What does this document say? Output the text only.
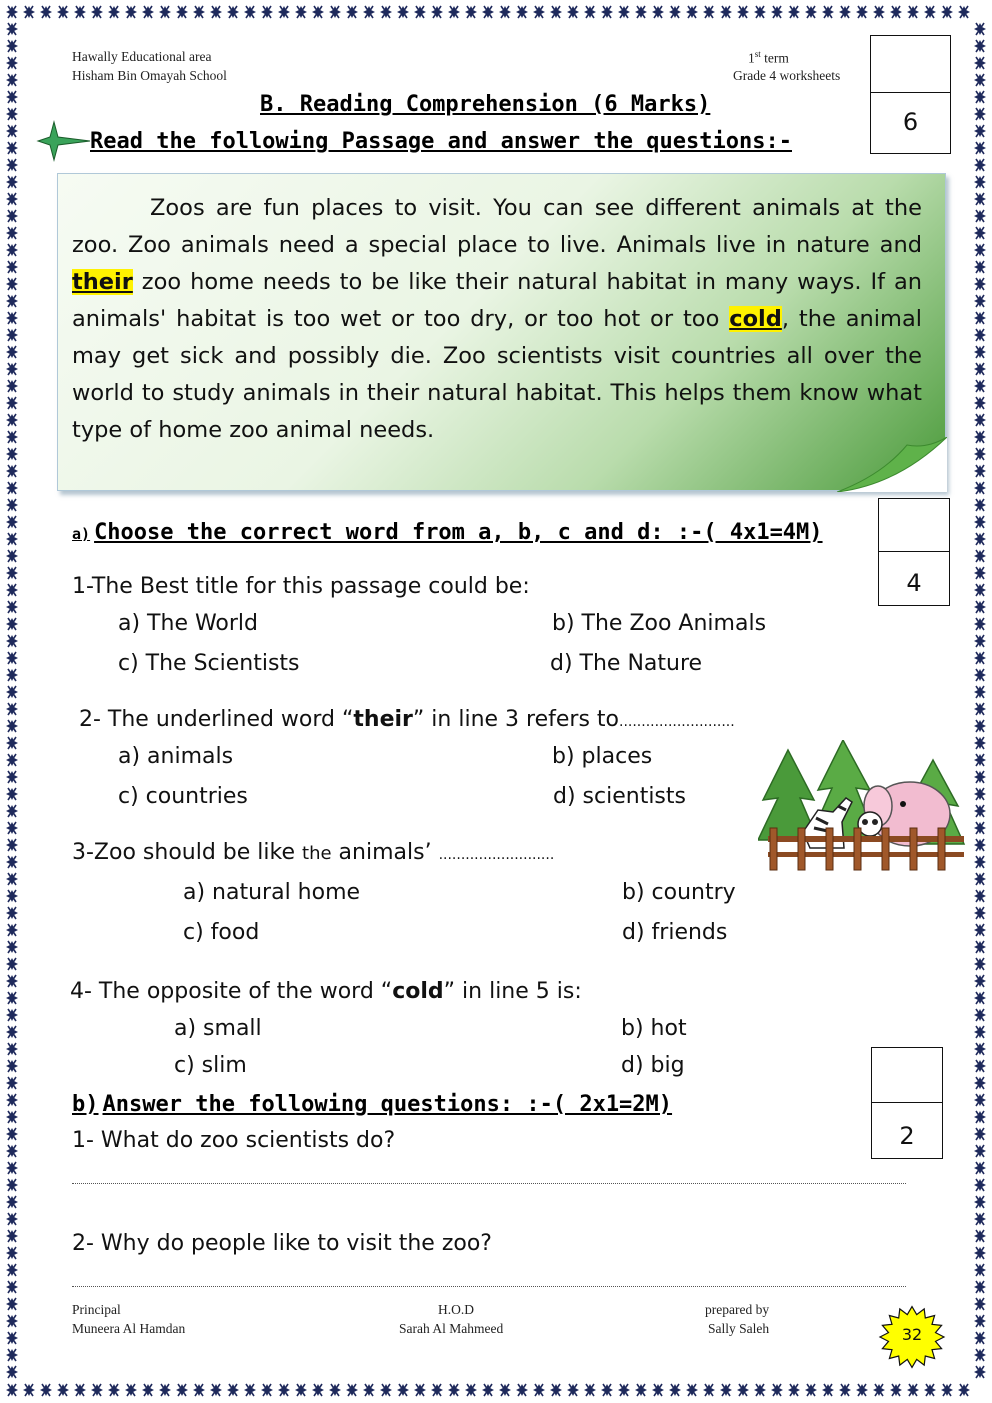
Hawally Educational area
Hisham Bin Omayah School
1st term
Grade 4 worksheets
6
B. Reading Comprehension (6 Marks)
Read the following Passage and answer the questions:-
Zoos are fun places to visit. You can see different animals at the zoo. Zoo animals need a special place to live. Animals live in nature and their zoo home needs to be like their natural habitat in many ways. If an animals' habitat is too wet or too dry, or too hot or too cold, the animal may get sick and possibly die. Zoo scientists visit countries all over the world to study animals in their natural habitat. This helps them know what type of home zoo animal needs.
a) Choose the correct word from a, b, c and d: :-( 4x1=4M)
4
1-The Best title for this passage could be:
a) The World	b) The Zoo Animals
c) The Scientists	d) The Nature
2- The underlined word “their” in line 3 refers to..........................
a) animals	b) places
c) countries	d) scientists
3-Zoo should be like the animals’ ..........................
a) natural home	b) country
c) food	d) friends
4- The opposite of the word “cold” in line 5 is:
a) small	b) hot
c) slim	d) big
b) Answer the following questions: :-( 2x1=2M)
2
1- What do zoo scientists do?
2- Why do people like to visit the zoo?
Principal
Muneera Al Hamdan
H.O.D
Sarah Al Mahmeed
prepared by
Sally Saleh	32
